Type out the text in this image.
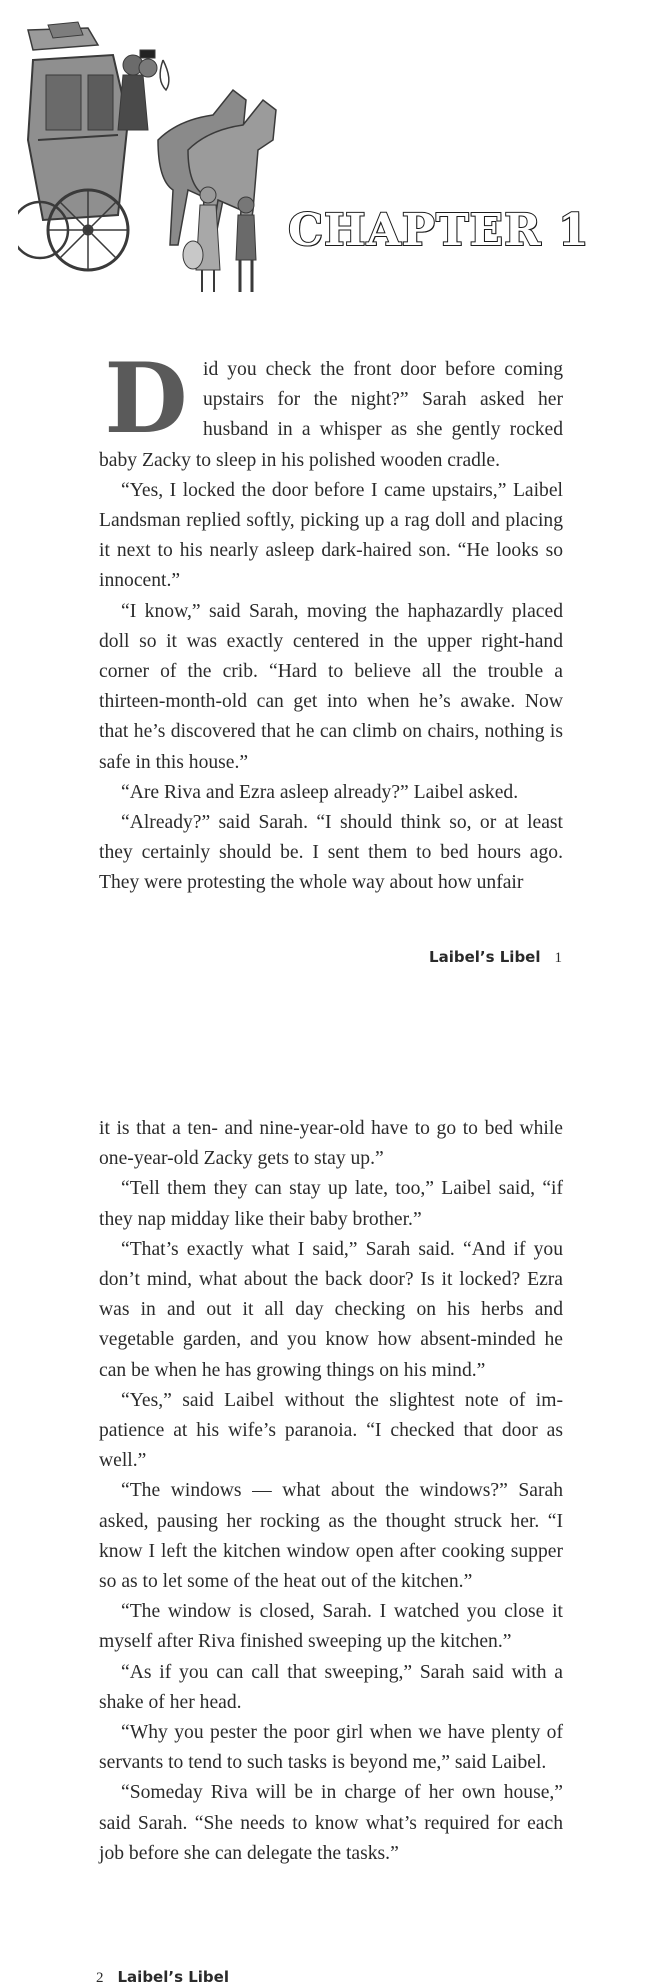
CHAPTER 1
D id you check the front door before coming upstairs for the night?” Sarah asked her husband in a whisper as she gently rocked baby Zacky to sleep in his polished wooden cradle.

“Yes, I locked the door before I came upstairs,” Laibel Landsman replied softly, picking up a rag doll and placing it next to his nearly asleep dark-haired son. “He looks so innocent.”

“I know,” said Sarah, moving the haphazardly placed doll so it was exactly centered in the upper right-hand corner of the crib. “Hard to believe all the trouble a thirteen-month-old can get into when he’s awake. Now that he’s discovered that he can climb on chairs, nothing is safe in this house.”

“Are Riva and Ezra asleep already?” Laibel asked.

“Already?” said Sarah. “I should think so, or at least they certainly should be. I sent them to bed hours ago. They were protesting the whole way about how unfair

Laibel’s Libel 1

it is that a ten- and nine-year-old have to go to bed while one-year-old Zacky gets to stay up.”

“Tell them they can stay up late, too,” Laibel said, “if they nap midday like their baby brother.”

“That’s exactly what I said,” Sarah said. “And if you don’t mind, what about the back door? Is it locked? Ezra was in and out it all day checking on his herbs and vegetable garden, and you know how absent-minded he can be when he has growing things on his mind.”

“Yes,” said Laibel without the slightest note of impatience at his wife’s paranoia. “I checked that door as well.”

“The windows — what about the windows?” Sarah asked, pausing her rocking as the thought struck her. “I know I left the kitchen window open after cooking supper so as to let some of the heat out of the kitchen.”

“The window is closed, Sarah. I watched you close it myself after Riva finished sweeping up the kitchen.”

“As if you can call that sweeping,” Sarah said with a shake of her head.

“Why you pester the poor girl when we have plenty of servants to tend to such tasks is beyond me,” said Laibel.

“Someday Riva will be in charge of her own house,” said Sarah. “She needs to know what’s required for each job before she can delegate the tasks.”

2 Laibel’s Libel
